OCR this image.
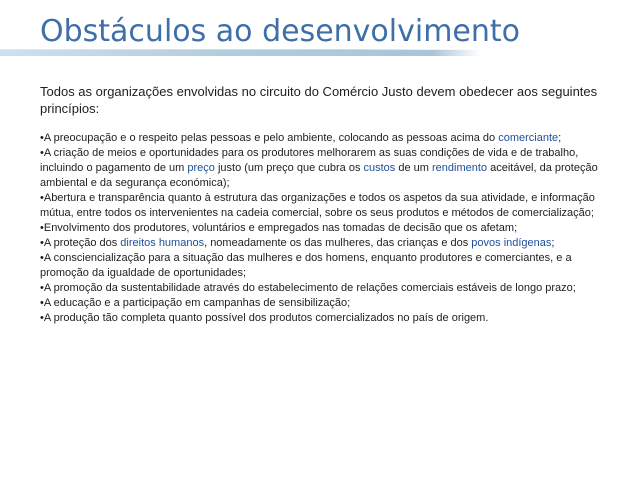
Obstáculos ao desenvolvimento

Todos as organizações envolvidas no circuito do Comércio Justo devem obedecer aos seguintes princípios:

•A preocupação e o respeito pelas pessoas e pelo ambiente, colocando as pessoas acima do comerciante;
•A criação de meios e oportunidades para os produtores melhorarem as suas condições de vida e de trabalho, incluindo o pagamento de um preço justo (um preço que cubra os custos de um rendimento aceitável, da proteção ambiental e da segurança económica);
•Abertura e transparência quanto à estrutura das organizações e todos os aspetos da sua atividade, e informação mútua, entre todos os intervenientes na cadeia comercial, sobre os seus produtos e métodos de comercialização;
•Envolvimento dos produtores, voluntários e empregados nas tomadas de decisão que os afetam;
•A proteção dos direitos humanos, nomeadamente os das mulheres, das crianças e dos povos indígenas;
•A consciencialização para a situação das mulheres e dos homens, enquanto produtores e comerciantes, e a promoção da igualdade de oportunidades;
•A promoção da sustentabilidade através do estabelecimento de relações comerciais estáveis de longo prazo;
•A educação e a participação em campanhas de sensibilização;
•A produção tão completa quanto possível dos produtos comercializados no país de origem.
